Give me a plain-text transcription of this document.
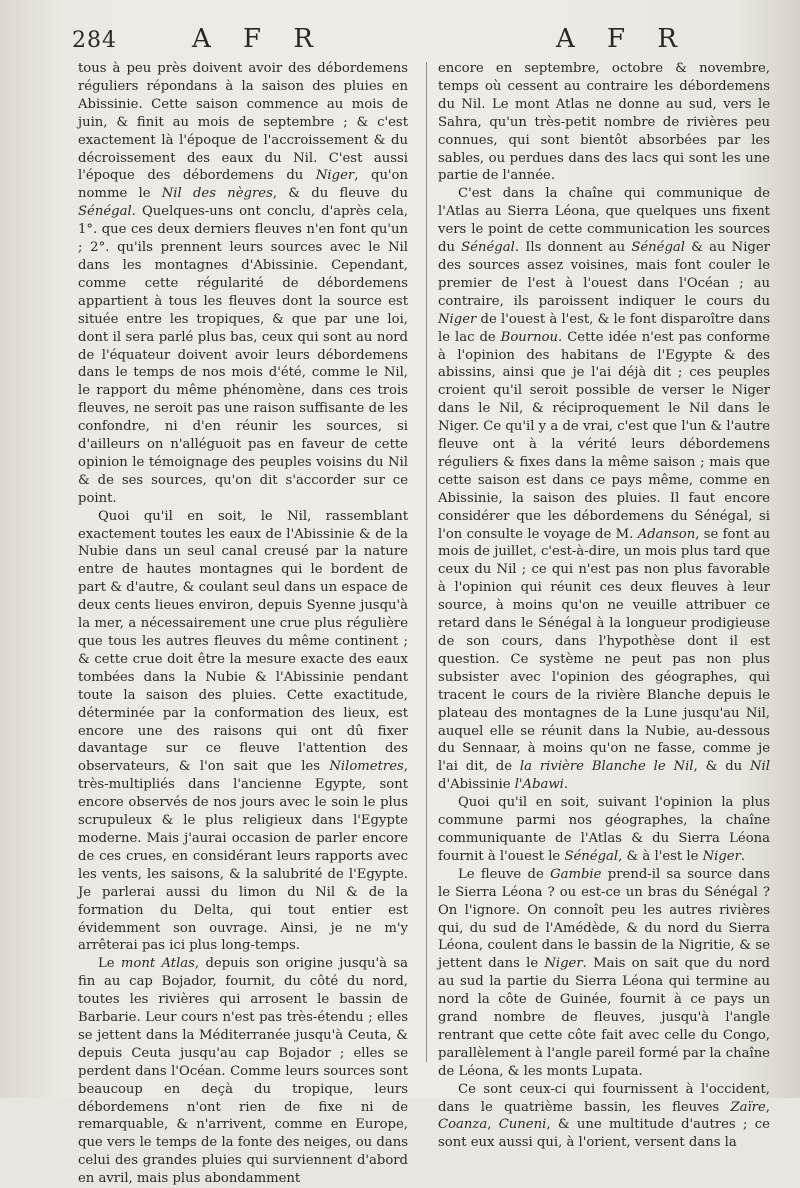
284	A F R	A F R

tous à peu près doivent avoir des débordemens réguliers répondans à la saison des pluies en Abissinie. Cette saison commence au mois de juin, & finit au mois de septembre ; & c'est exactement là l'époque de l'accroissement & du décroissement des eaux du Nil. C'est aussi l'époque des débordemens du Niger, qu'on nomme le Nil des nègres, & du fleuve du Sénégal. Quelques-uns ont conclu, d'après cela, 1°. que ces deux derniers fleuves n'en font qu'un ; 2°. qu'ils prennent leurs sources avec le Nil dans les montagnes d'Abissinie. Cependant, comme cette régularité de débordemens appartient à tous les fleuves dont la source est située entre les tropiques, & que par une loi, dont il sera parlé plus bas, ceux qui sont au nord de l'équateur doivent avoir leurs débordemens dans le temps de nos mois d'été, comme le Nil, le rapport du même phénomène, dans ces trois fleuves, ne seroit pas une raison suffisante de les confondre, ni d'en réunir les sources, si d'ailleurs on n'alléguoit pas en faveur de cette opinion le témoignage des peuples voisins du Nil & de ses sources, qu'on dit s'accorder sur ce point.

Quoi qu'il en soit, le Nil, rassemblant exactement toutes les eaux de l'Abissinie & de la Nubie dans un seul canal creusé par la nature entre de hautes montagnes qui le bordent de part & d'autre, & coulant seul dans un espace de deux cents lieues environ, depuis Syenne jusqu'à la mer, a nécessairement une crue plus régulière que tous les autres fleuves du même continent ; & cette crue doit être la mesure exacte des eaux tombées dans la Nubie & l'Abissinie pendant toute la saison des pluies. Cette exactitude, déterminée par la conformation des lieux, est encore une des raisons qui ont dû fixer davantage sur ce fleuve l'attention des observateurs, & l'on sait que les Nilometres, très-multipliés dans l'ancienne Egypte, sont encore observés de nos jours avec le soin le plus scrupuleux & le plus religieux dans l'Egypte moderne. Mais j'aurai occasion de parler encore de ces crues, en considérant leurs rapports avec les vents, les saisons, & la salubrité de l'Egypte. Je parlerai aussi du limon du Nil & de la formation du Delta, qui tout entier est évidemment son ouvrage. Ainsi, je ne m'y arrêterai pas ici plus long-temps.

Le mont Atlas, depuis son origine jusqu'à sa fin au cap Bojador, fournit, du côté du nord, toutes les rivières qui arrosent le bassin de Barbarie. Leur cours n'est pas très-étendu ; elles se jettent dans la Méditerranée jusqu'à Ceuta, & depuis Ceuta jusqu'au cap Bojador ; elles se perdent dans l'Océan. Comme leurs sources sont beaucoup en deçà du tropique, leurs débordemens n'ont rien de fixe ni de remarquable, & n'arrivent, comme en Europe, que vers le temps de la fonte des neiges, ou dans celui des grandes pluies qui surviennent d'abord en avril, mais plus abondamment

encore en septembre, octobre & novembre, temps où cessent au contraire les débordemens du Nil. Le mont Atlas ne donne au sud, vers le Sahra, qu'un très-petit nombre de rivières peu connues, qui sont bientôt absorbées par les sables, ou perdues dans des lacs qui sont les une partie de l'année.

C'est dans la chaîne qui communique de l'Atlas au Sierra Léona, que quelques uns fixent vers le point de cette communication les sources du Sénégal. Ils donnent au Sénégal & au Niger des sources assez voisines, mais font couler le premier de l'est à l'ouest dans l'Océan ; au contraire, ils paroissent indiquer le cours du Niger de l'ouest à l'est, & le font disparoître dans le lac de Bournou. Cette idée n'est pas conforme à l'opinion des habitans de l'Egypte & des abissins, ainsi que je l'ai déjà dit ; ces peuples croient qu'il seroit possible de verser le Niger dans le Nil, & réciproquement le Nil dans le Niger. Ce qu'il y a de vrai, c'est que l'un & l'autre fleuve ont à la vérité leurs débordemens réguliers & fixes dans la même saison ; mais que cette saison est dans ce pays même, comme en Abissinie, la saison des pluies. Il faut encore considérer que les débordemens du Sénégal, si l'on consulte le voyage de M. Adanson, se font au mois de juillet, c'est-à-dire, un mois plus tard que ceux du Nil ; ce qui n'est pas non plus favorable à l'opinion qui réunit ces deux fleuves à leur source, à moins qu'on ne veuille attribuer ce retard dans le Sénégal à la longueur prodigieuse de son cours, dans l'hypothèse dont il est question. Ce système ne peut pas non plus subsister avec l'opinion des géographes, qui tracent le cours de la rivière Blanche depuis le plateau des montagnes de la Lune jusqu'au Nil, auquel elle se réunit dans la Nubie, au-dessous du Sennaar, à moins qu'on ne fasse, comme je l'ai dit, de la rivière Blanche le Nil, & du Nil d'Abissinie l'Abawi.

Quoi qu'il en soit, suivant l'opinion la plus commune parmi nos géographes, la chaîne communiquante de l'Atlas & du Sierra Léona fournit à l'ouest le Sénégal, & à l'est le Niger.

Le fleuve de Gambie prend-il sa source dans le Sierra Léona ? ou est-ce un bras du Sénégal ? On l'ignore. On connoît peu les autres rivières qui, du sud de l'Amédède, & du nord du Sierra Léona, coulent dans le bassin de la Nigritie, & se jettent dans le Niger. Mais on sait que du nord au sud la partie du Sierra Léona qui termine au nord la côte de Guinée, fournit à ce pays un grand nombre de fleuves, jusqu'à l'angle rentrant que cette côte fait avec celle du Congo, parallèlement à l'angle pareil formé par la chaîne de Léona, & les monts Lupata.

Ce sont ceux-ci qui fournissent à l'occident, dans le quatrième bassin, les fleuves Zaïre, Coanza, Cuneni, & une multitude d'autres ; ce sont eux aussi qui, à l'orient, versent dans la
